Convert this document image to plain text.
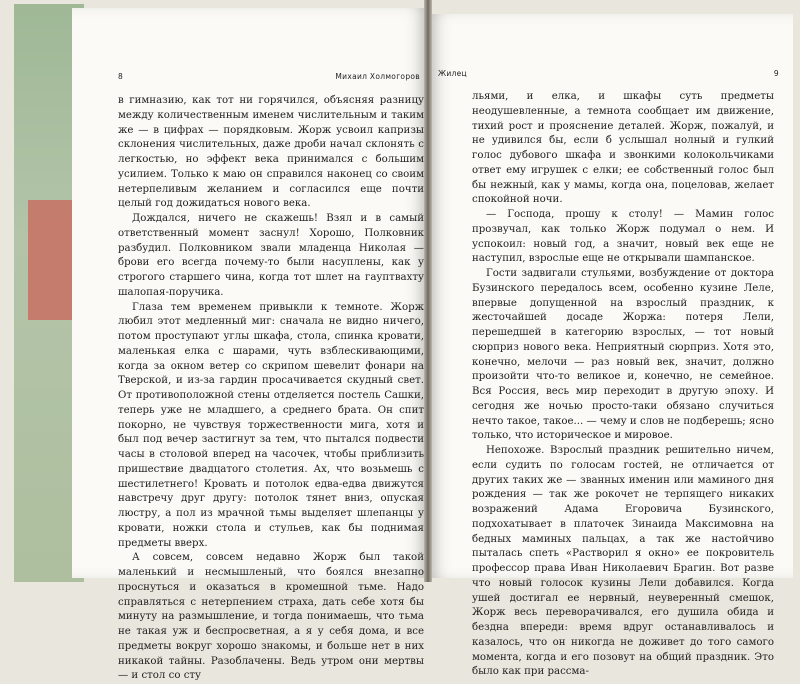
8	Михаил Холмогоров

в гимназию, как тот ни горячился, объясняя разницу между количественным именем числительным и таким же — в цифрах — порядковым. Жорж усвоил капризы склонения числительных, даже дроби начал склонять с легкостью, но эффект века принимался с большим усилием. Только к маю он справился наконец со своим нетерпеливым желанием и согласился еще почти целый год дожидаться нового века.

Дождался, ничего не скажешь! Взял и в самый ответственный момент заснул! Хорошо, Полковник разбудил. Полковником звали младенца Николая — брови его всегда почему-то были насуплены, как у строгого старшего чина, когда тот шлет на гауптвахту шалопая-поручика.

Глаза тем временем привыкли к темноте. Жорж любил этот медленный миг: сначала не видно ничего, потом проступают углы шкафа, стола, спинка кровати, маленькая елка с шарами, чуть взблескивающими, когда за окном ветер со скрипом шевелит фонари на Тверской, и из-за гардин просачивается скудный свет. От противоположной стены отделяется постель Сашки, теперь уже не младшего, а среднего брата. Он спит покорно, не чувствуя торжественности мига, хотя и был под вечер застигнут за тем, что пытался подвести часы в столовой вперед на часочек, чтобы приблизить пришествие двадцатого столетия. Ах, что возьмешь с шестилетнего! Кровать и потолок едва-едва движутся навстречу друг другу: потолок тянет вниз, опуская люстру, а пол из мрачной тьмы выделяет шлепанцы у кровати, ножки стола и стульев, как бы поднимая предметы вверх.

А совсем, совсем недавно Жорж был такой маленький и несмышленый, что боялся внезапно проснуться и оказаться в кромешной тьме. Надо справляться с нетерпением страха, дать себе хотя бы минуту на размышление, и тогда понимаешь, что тьма не такая уж и беспросветная, а я у себя дома, и все предметы вокруг хорошо знакомы, и больше нет в них никакой тайны. Разоблачены. Ведь утром они мертвы — и стол со сту

Жилец	9

льями, и елка, и шкафы суть предметы неодушевленные, а темнота сообщает им движение, тихий рост и прояснение деталей. Жорж, пожалуй, и не удивился бы, если б услышал нолный и гулкий голос дубового шкафа и звонкими колокольчиками ответ ему игрушек с елки; ее собственный голос был бы нежный, как у мамы, когда она, поцеловав, желает спокойной ночи.

— Господа, прошу к столу! — Мамин голос прозвучал, как только Жорж подумал о нем. И успокоил: новый год, а значит, новый век еще не наступил, взрослые еще не открывали шампанское.

Гости задвигали стульями, возбуждение от доктора Бузинского передалось всем, особенно кузине Леле, впервые допущенной на взрослый праздник, к жесточайшей досаде Жоржа: потеря Лели, перешедшей в категорию взрослых, — тот новый сюрприз нового века. Неприятный сюрприз. Хотя это, конечно, мелочи — раз новый век, значит, должно произойти что-то великое и, конечно, не семейное. Вся Россия, весь мир переходит в другую эпоху. И сегодня же ночью просто-таки обязано случиться нечто такое, такое... — чему и слов не подберешь; ясно только, что историческое и мировое.

Непохоже. Взрослый праздник решительно ничем, если судить по голосам гостей, не отличается от других таких же — званных именин или маминого дня рождения — так же рокочет не терпящего никаких возражений Адама Егоровича Бузинского, подхохатывает в платочек Зинаида Максимовна на бедных маминых пальцах, а так же настойчиво пыталась спеть «Растворил я окно» ее покровитель профессор права Иван Николаевич Брагин. Вот разве что новый голосок кузины Лели добавился. Когда ушей достигал ее нервный, неуверенный смешок, Жорж весь переворачивался, его душила обида и бездна впереди: время вдруг останавливалось и казалось, что он никогда не доживет до того самого момента, когда и его позовут на общий праздник. Это было как при рассма-
